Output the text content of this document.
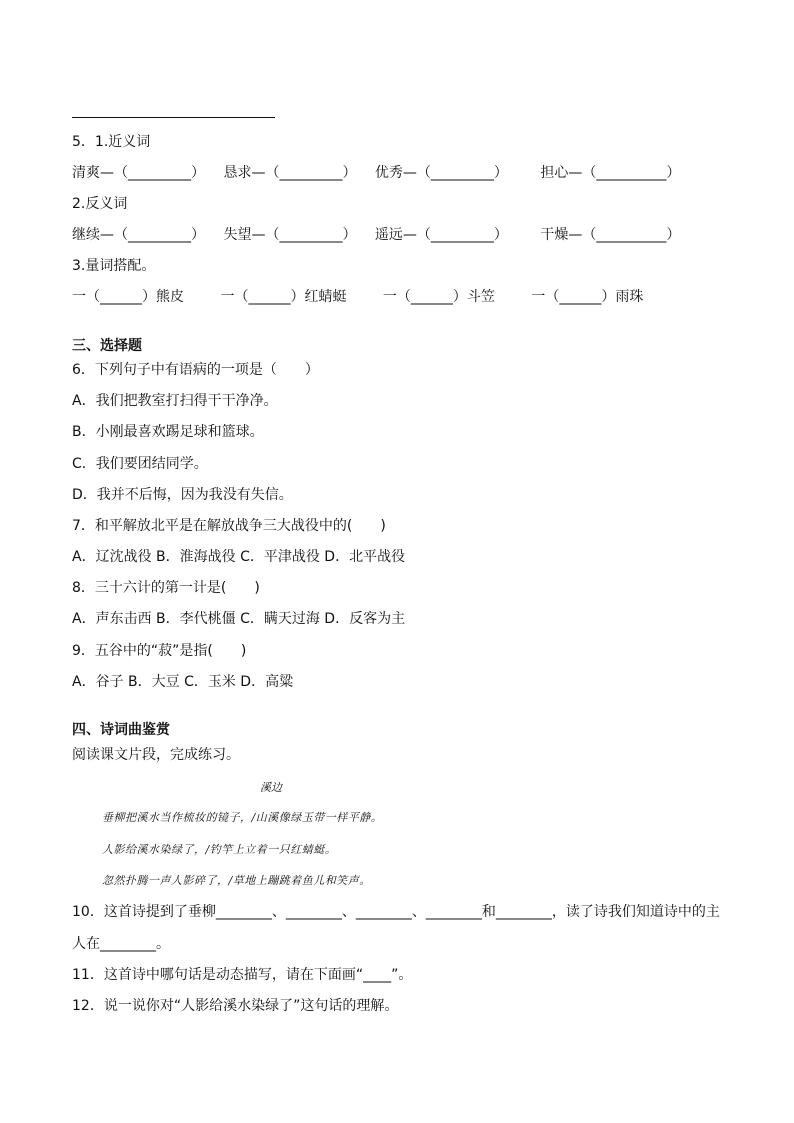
5．1.近义词
清爽—（_________） 恳求—（_________） 优秀—（_________） 担心—（__________）
2.反义词
继续—（_________） 失望—（_________） 遥远—（_________） 干燥—（__________）
3.量词搭配。
一（______）熊皮	一（______）红蜻蜓	一（______）斗笠	一（______）雨珠
三、选择题
6．下列句子中有语病的一项是（　　）
A．我们把教室打扫得干干净净。
B．小刚最喜欢踢足球和篮球。
C．我们要团结同学。
D．我并不后悔，因为我没有失信。
7．和平解放北平是在解放战争三大战役中的(　　)
A．辽沈战役 B．淮海战役 C．平津战役 D．北平战役
8．三十六计的第一计是(　　)
A．声东击西 B．李代桃僵 C．瞒天过海 D．反客为主
9．五谷中的“菽”是指(　　)
A．谷子 B．大豆 C．玉米 D．高粱
四、诗词曲鉴赏
阅读课文片段，完成练习。
溪边
垂柳把溪水当作梳妆的镜子，/山溪像绿玉带一样平静。
人影给溪水染绿了，/钓竿上立着一只红蜻蜓。
忽然扑腾一声人影碎了，/草地上蹦跳着鱼儿和笑声。
10．这首诗提到了垂柳________、________、________、________和________，读了诗我们知道诗中的主
人在________。
11．这首诗中哪句话是动态描写，请在下面画“____”。
12．说一说你对“人影给溪水染绿了”这句话的理解。
